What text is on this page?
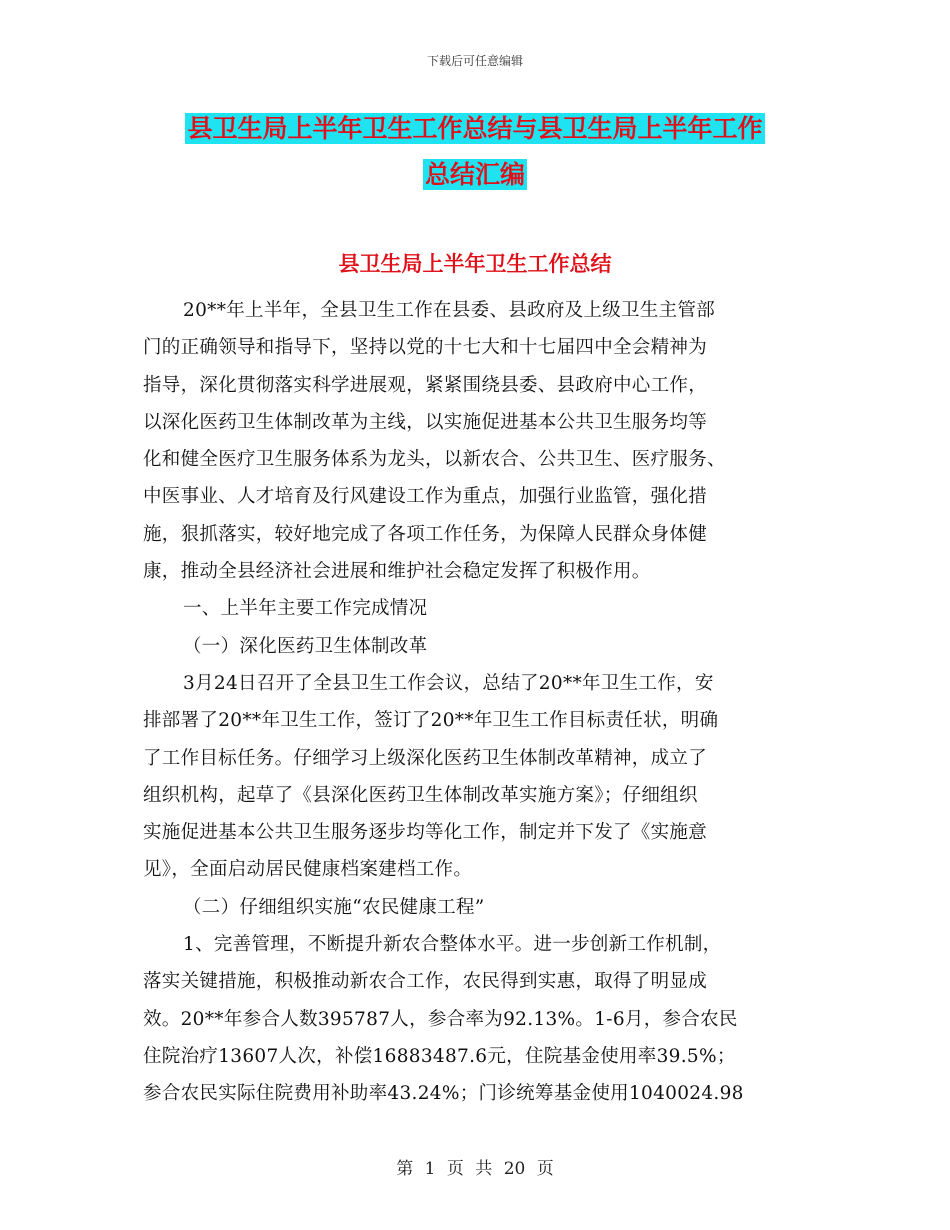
下载后可任意编辑
县卫生局上半年卫生工作总结与县卫生局上半年工作
总结汇编
县卫生局上半年卫生工作总结
20**年上半年，全县卫生工作在县委、县政府及上级卫生主管部
门的正确领导和指导下，坚持以党的十七大和十七届四中全会精神为
指导，深化贯彻落实科学进展观，紧紧围绕县委、县政府中心工作，
以深化医药卫生体制改革为主线，以实施促进基本公共卫生服务均等
化和健全医疗卫生服务体系为龙头，以新农合、公共卫生、医疗服务、
中医事业、人才培育及行风建设工作为重点，加强行业监管，强化措
施，狠抓落实，较好地完成了各项工作任务，为保障人民群众身体健
康，推动全县经济社会进展和维护社会稳定发挥了积极作用。
一、上半年主要工作完成情况
（一）深化医药卫生体制改革
3月24日召开了全县卫生工作会议，总结了20**年卫生工作，安
排部署了20**年卫生工作，签订了20**年卫生工作目标责任状，明确
了工作目标任务。仔细学习上级深化医药卫生体制改革精神，成立了
组织机构，起草了《县深化医药卫生体制改革实施方案》；仔细组织
实施促进基本公共卫生服务逐步均等化工作，制定并下发了《实施意
见》，全面启动居民健康档案建档工作。
（二）仔细组织实施“农民健康工程”
1、完善管理，不断提升新农合整体水平。进一步创新工作机制，
落实关键措施，积极推动新农合工作，农民得到实惠，取得了明显成
效。20**年参合人数395787人，参合率为92.13%。1-6月，参合农民
住院治疗13607人次，补偿16883487.6元，住院基金使用率39.5%；
参合农民实际住院费用补助率43.24%；门诊统筹基金使用1040024.98
第 1 页 共 20 页
